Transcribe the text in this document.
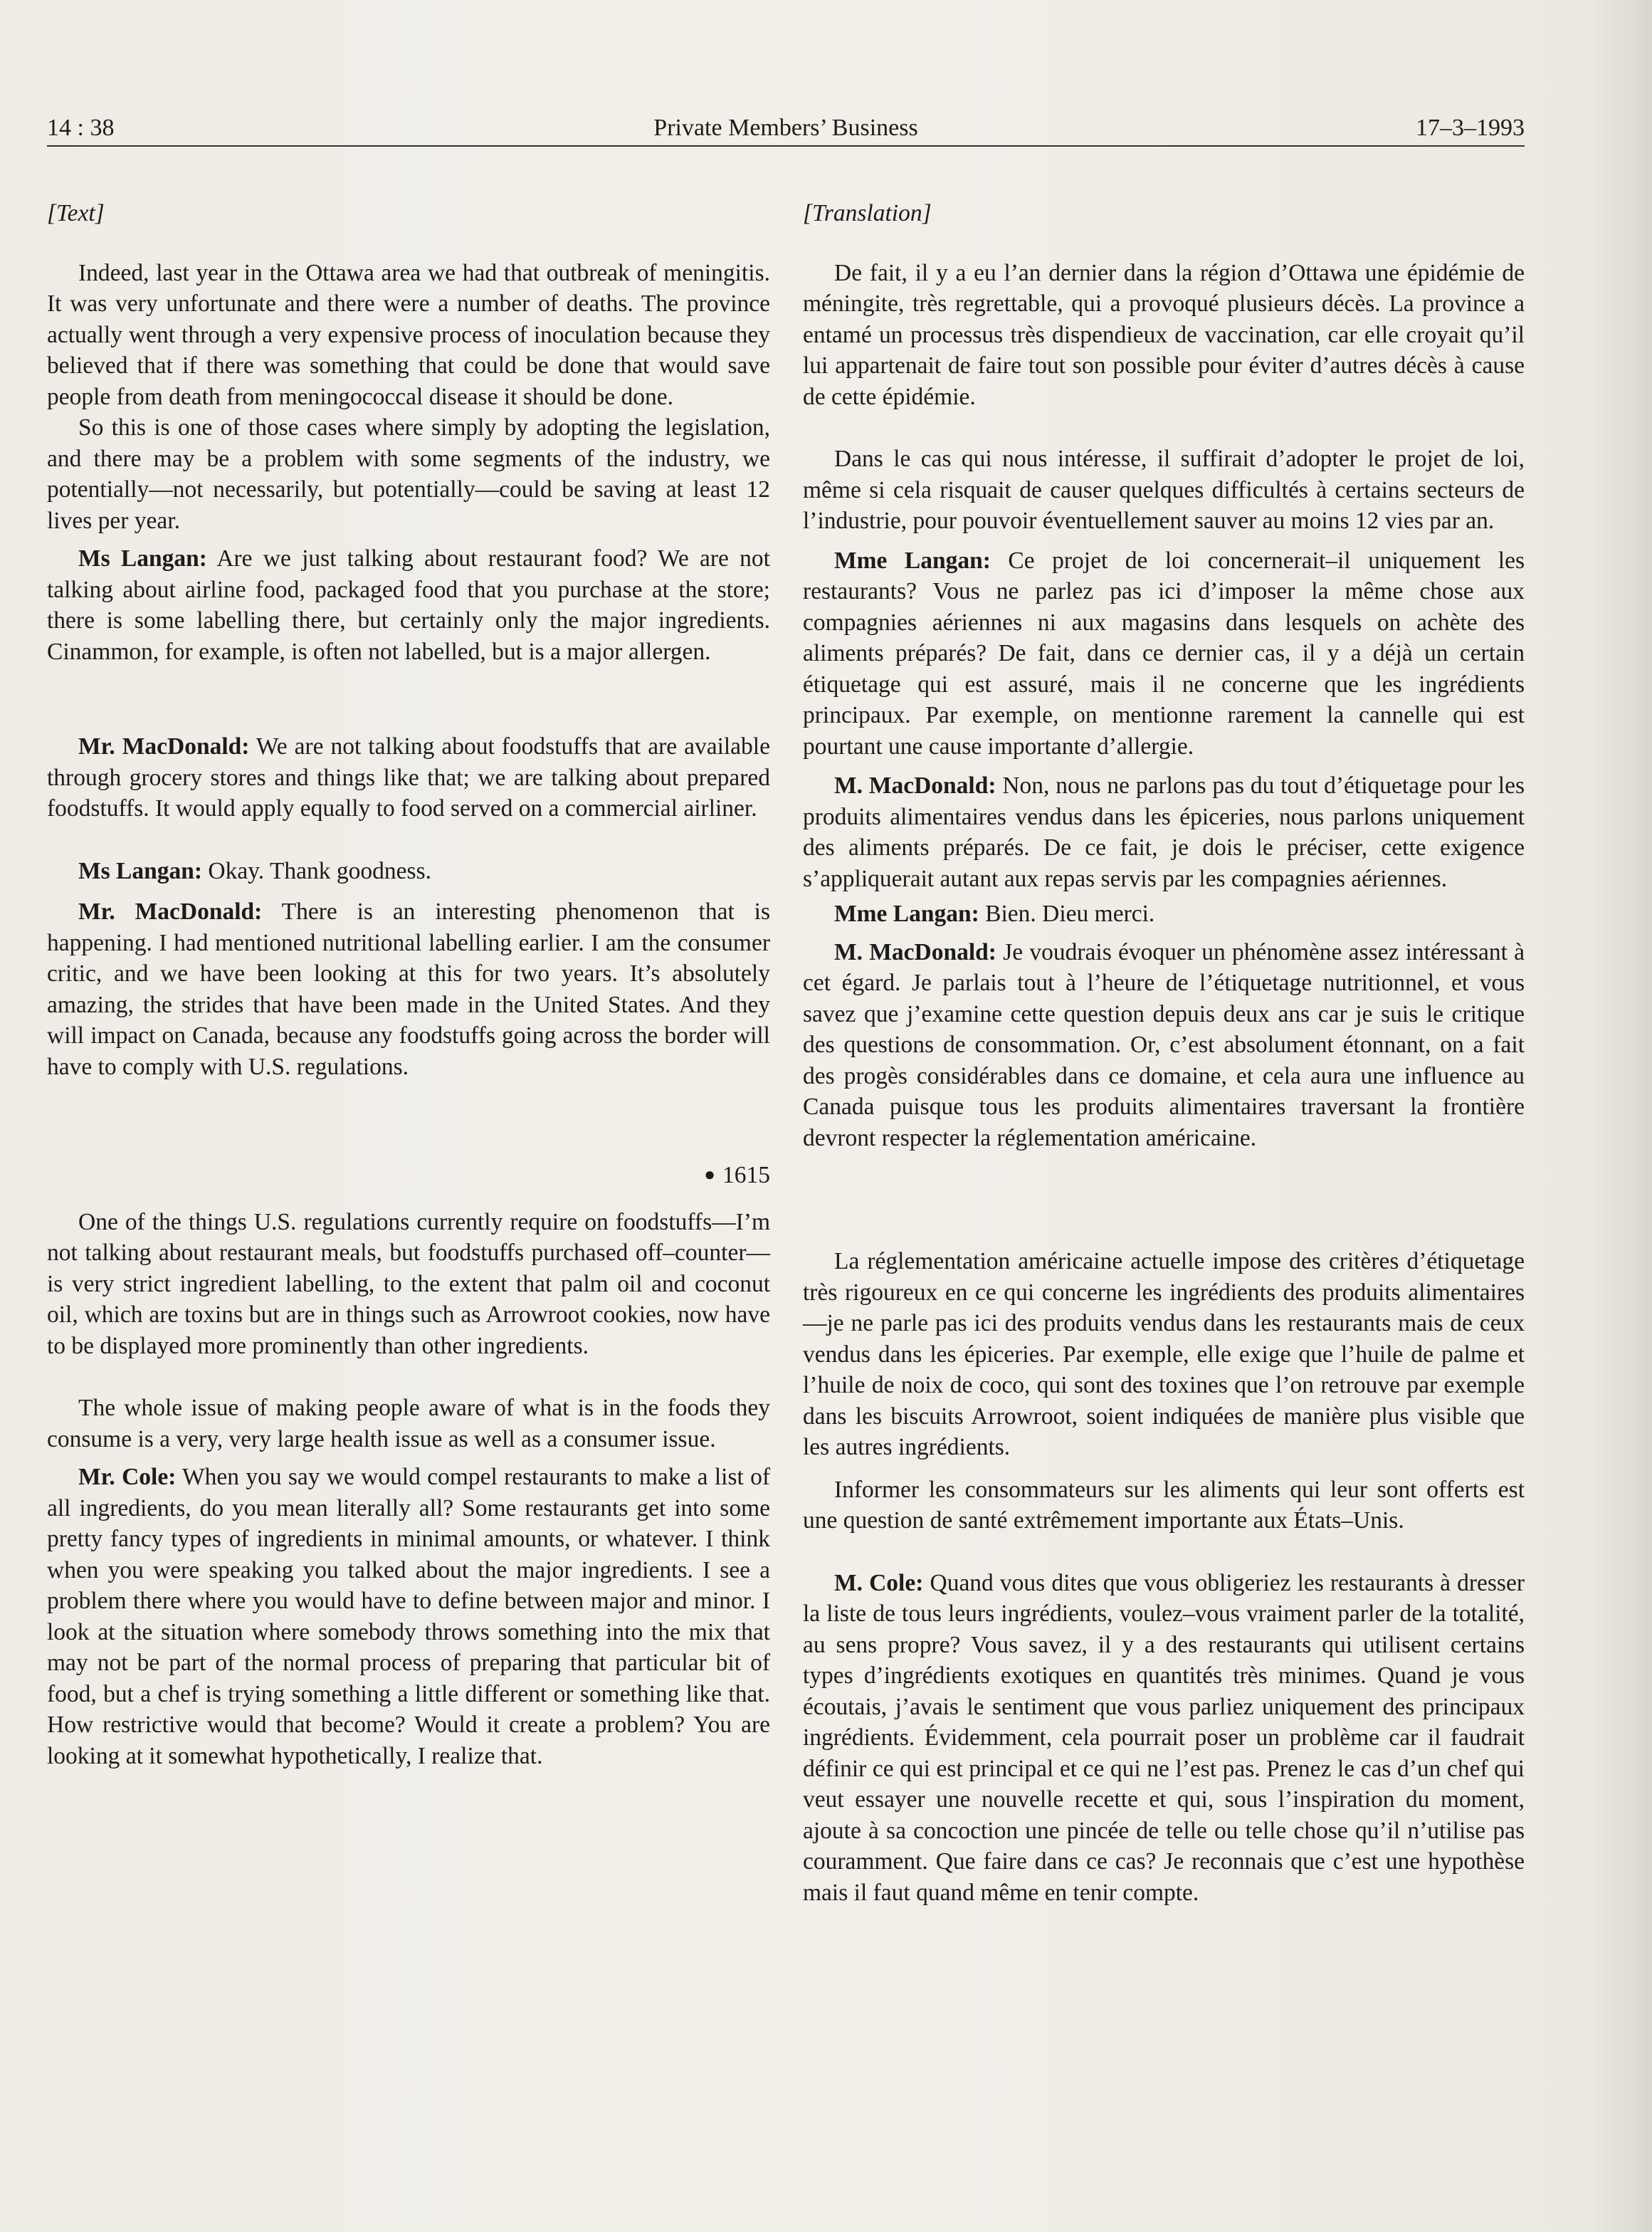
14 : 38	Private Members’ Business	17–3–1993

[Text]

Indeed, last year in the Ottawa area we had that outbreak of meningitis. It was very unfortunate and there were a number of deaths. The province actually went through a very expensive process of inoculation because they believed that if there was something that could be done that would save people from death from meningococcal disease it should be done.

So this is one of those cases where simply by adopting the legislation, and there may be a problem with some segments of the industry, we potentially—not necessarily, but potentially—could be saving at least 12 lives per year.

Ms Langan: Are we just talking about restaurant food? We are not talking about airline food, packaged food that you purchase at the store; there is some labelling there, but certainly only the major ingredients. Cinammon, for example, is often not labelled, but is a major allergen.

Mr. MacDonald: We are not talking about foodstuffs that are available through grocery stores and things like that; we are talking about prepared foodstuffs. It would apply equally to food served on a commercial airliner.

Ms Langan: Okay. Thank goodness.

Mr. MacDonald: There is an interesting phenomenon that is happening. I had mentioned nutritional labelling earlier. I am the consumer critic, and we have been looking at this for two years. It’s absolutely amazing, the strides that have been made in the United States. And they will impact on Canada, because any foodstuffs going across the border will have to comply with U.S. regulations.

● 1615

One of the things U.S. regulations currently require on foodstuffs—I’m not talking about restaurant meals, but foodstuffs purchased off–counter—is very strict ingredient labelling, to the extent that palm oil and coconut oil, which are toxins but are in things such as Arrowroot cookies, now have to be displayed more prominently than other ingredients.

The whole issue of making people aware of what is in the foods they consume is a very, very large health issue as well as a consumer issue.

Mr. Cole: When you say we would compel restaurants to make a list of all ingredients, do you mean literally all? Some restaurants get into some pretty fancy types of ingredients in minimal amounts, or whatever. I think when you were speaking you talked about the major ingredients. I see a problem there where you would have to define between major and minor. I look at the situation where somebody throws something into the mix that may not be part of the normal process of preparing that particular bit of food, but a chef is trying something a little different or something like that. How restrictive would that become? Would it create a problem? You are looking at it somewhat hypothetically, I realize that.

[Translation]

De fait, il y a eu l’an dernier dans la région d’Ottawa une épidémie de méningite, très regrettable, qui a provoqué plusieurs décès. La province a entamé un processus très dispendieux de vaccination, car elle croyait qu’il lui appartenait de faire tout son possible pour éviter d’autres décès à cause de cette épidémie.

Dans le cas qui nous intéresse, il suffirait d’adopter le projet de loi, même si cela risquait de causer quelques difficultés à certains secteurs de l’industrie, pour pouvoir éventuellement sauver au moins 12 vies par an.

Mme Langan: Ce projet de loi concernerait–il uniquement les restaurants? Vous ne parlez pas ici d’imposer la même chose aux compagnies aériennes ni aux magasins dans lesquels on achète des aliments préparés? De fait, dans ce dernier cas, il y a déjà un certain étiquetage qui est assuré, mais il ne concerne que les ingrédients principaux. Par exemple, on mentionne rarement la cannelle qui est pourtant une cause importante d’allergie.

M. MacDonald: Non, nous ne parlons pas du tout d’étiquetage pour les produits alimentaires vendus dans les épiceries, nous parlons uniquement des aliments préparés. De ce fait, je dois le préciser, cette exigence s’appliquerait autant aux repas servis par les compagnies aériennes.

Mme Langan: Bien. Dieu merci.

M. MacDonald: Je voudrais évoquer un phénomène assez intéressant à cet égard. Je parlais tout à l’heure de l’étiquetage nutritionnel, et vous savez que j’examine cette question depuis deux ans car je suis le critique des questions de consommation. Or, c’est absolument étonnant, on a fait des progès considérables dans ce domaine, et cela aura une influence au Canada puisque tous les produits alimentaires traversant la frontière devront respecter la réglementation américaine.

La réglementation américaine actuelle impose des critères d’étiquetage très rigoureux en ce qui concerne les ingrédients des produits alimentaires—je ne parle pas ici des produits vendus dans les restaurants mais de ceux vendus dans les épiceries. Par exemple, elle exige que l’huile de palme et l’huile de noix de coco, qui sont des toxines que l’on retrouve par exemple dans les biscuits Arrowroot, soient indiquées de manière plus visible que les autres ingrédients.

Informer les consommateurs sur les aliments qui leur sont offerts est une question de santé extrêmement importante aux États–Unis.

M. Cole: Quand vous dites que vous obligeriez les restaurants à dresser la liste de tous leurs ingrédients, voulez–vous vraiment parler de la totalité, au sens propre? Vous savez, il y a des restaurants qui utilisent certains types d’ingrédients exotiques en quantités très minimes. Quand je vous écoutais, j’avais le sentiment que vous parliez uniquement des principaux ingrédients. Évidemment, cela pourrait poser un problème car il faudrait définir ce qui est principal et ce qui ne l’est pas. Prenez le cas d’un chef qui veut essayer une nouvelle recette et qui, sous l’inspiration du moment, ajoute à sa concoction une pincée de telle ou telle chose qu’il n’utilise pas couramment. Que faire dans ce cas? Je reconnais que c’est une hypothèse mais il faut quand même en tenir compte.
